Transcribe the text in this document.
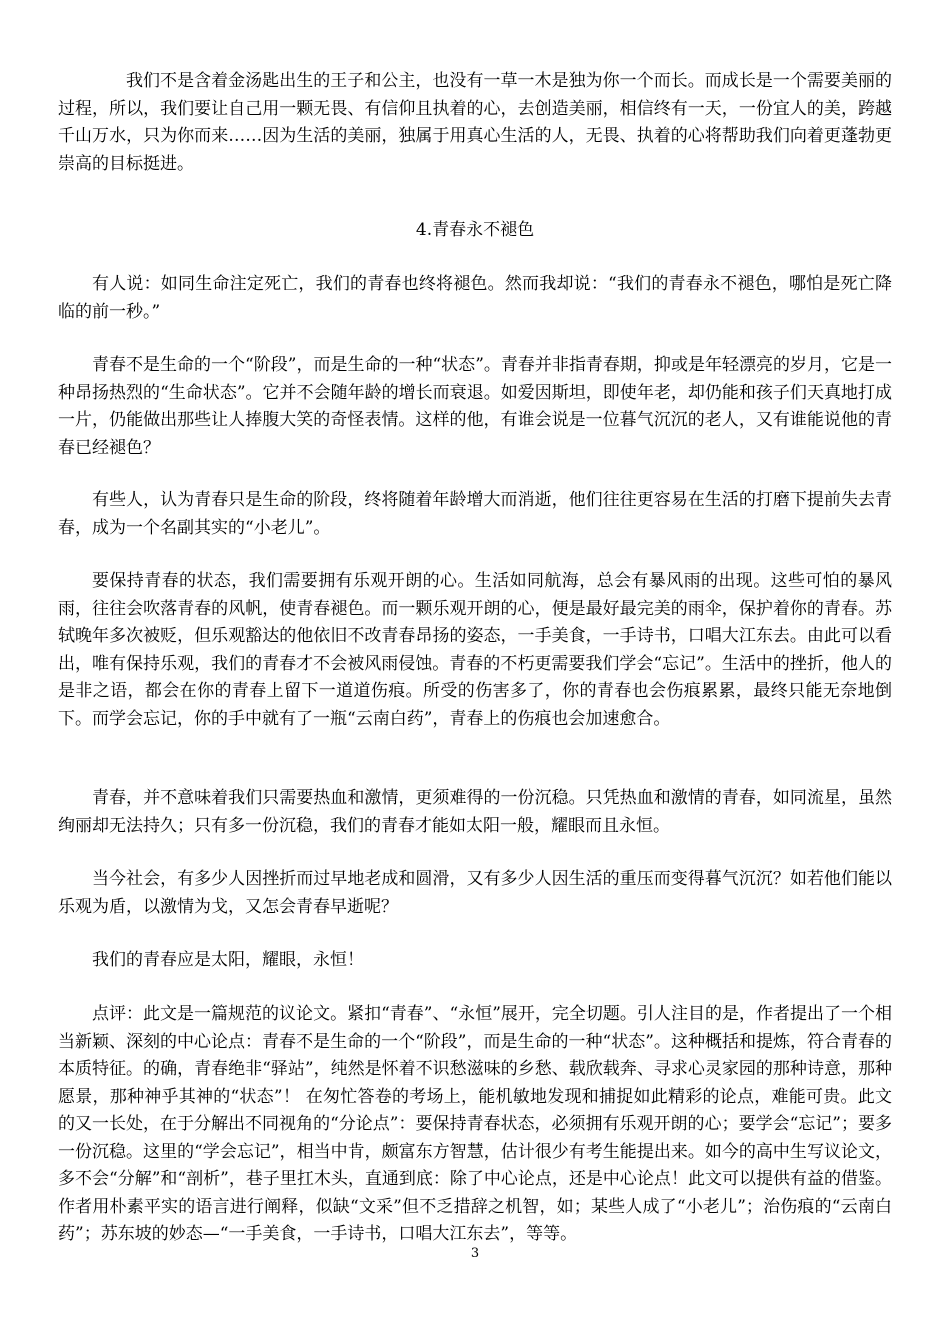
我们不是含着金汤匙出生的王子和公主，也没有一草一木是独为你一个而长。而成长是一个需要美丽的过程，所以，我们要让自己用一颗无畏、有信仰且执着的心，去创造美丽，相信终有一天，一份宜人的美，跨越千山万水，只为你而来……因为生活的美丽，独属于用真心生活的人，无畏、执着的心将帮助我们向着更蓬勃更崇高的目标挺进。

4.青春永不褪色

有人说：如同生命注定死亡，我们的青春也终将褪色。然而我却说：“我们的青春永不褪色，哪怕是死亡降临的前一秒。”

青春不是生命的一个“阶段”，而是生命的一种“状态”。青春并非指青春期，抑或是年轻漂亮的岁月，它是一种昂扬热烈的“生命状态”。它并不会随年龄的增长而衰退。如爱因斯坦，即使年老，却仍能和孩子们天真地打成一片，仍能做出那些让人捧腹大笑的奇怪表情。这样的他，有谁会说是一位暮气沉沉的老人，又有谁能说他的青春已经褪色？

有些人，认为青春只是生命的阶段，终将随着年龄增大而消逝，他们往往更容易在生活的打磨下提前失去青春，成为一个名副其实的“小老儿”。

要保持青春的状态，我们需要拥有乐观开朗的心。生活如同航海，总会有暴风雨的出现。这些可怕的暴风雨，往往会吹落青春的风帆，使青春褪色。而一颗乐观开朗的心，便是最好最完美的雨伞，保护着你的青春。苏轼晚年多次被贬，但乐观豁达的他依旧不改青春昂扬的姿态，一手美食，一手诗书，口唱大江东去。由此可以看出，唯有保持乐观，我们的青春才不会被风雨侵蚀。青春的不朽更需要我们学会“忘记”。生活中的挫折，他人的是非之语，都会在你的青春上留下一道道伤痕。所受的伤害多了，你的青春也会伤痕累累，最终只能无奈地倒下。而学会忘记，你的手中就有了一瓶“云南白药”，青春上的伤痕也会加速愈合。

青春，并不意味着我们只需要热血和激情，更须难得的一份沉稳。只凭热血和激情的青春，如同流星，虽然绚丽却无法持久；只有多一份沉稳，我们的青春才能如太阳一般，耀眼而且永恒。

当今社会，有多少人因挫折而过早地老成和圆滑，又有多少人因生活的重压而变得暮气沉沉？如若他们能以乐观为盾，以激情为戈，又怎会青春早逝呢？

我们的青春应是太阳，耀眼，永恒！

点评：此文是一篇规范的议论文。紧扣“青春”、“永恒”展开，完全切题。引人注目的是，作者提出了一个相当新颖、深刻的中心论点：青春不是生命的一个“阶段”，而是生命的一种“状态”。这种概括和提炼，符合青春的本质特征。的确，青春绝非“驿站”，纯然是怀着不识愁滋味的乡愁、载欣载奔、寻求心灵家园的那种诗意，那种愿景，那种神乎其神的“状态”！ 在匆忙答卷的考场上，能机敏地发现和捕捉如此精彩的论点，难能可贵。此文的又一长处，在于分解出不同视角的“分论点”：要保持青春状态，必须拥有乐观开朗的心；要学会“忘记”；要多一份沉稳。这里的“学会忘记”，相当中肯，颇富东方智慧，估计很少有考生能提出来。如今的高中生写议论文，多不会“分解”和“剖析”，巷子里扛木头，直通到底：除了中心论点，还是中心论点！此文可以提供有益的借鉴。作者用朴素平实的语言进行阐释，似缺“文采”但不乏措辞之机智，如；某些人成了“小老儿”；治伤痕的“云南白药”；苏东坡的妙态—“一手美食，一手诗书，口唱大江东去”，等等。

3
